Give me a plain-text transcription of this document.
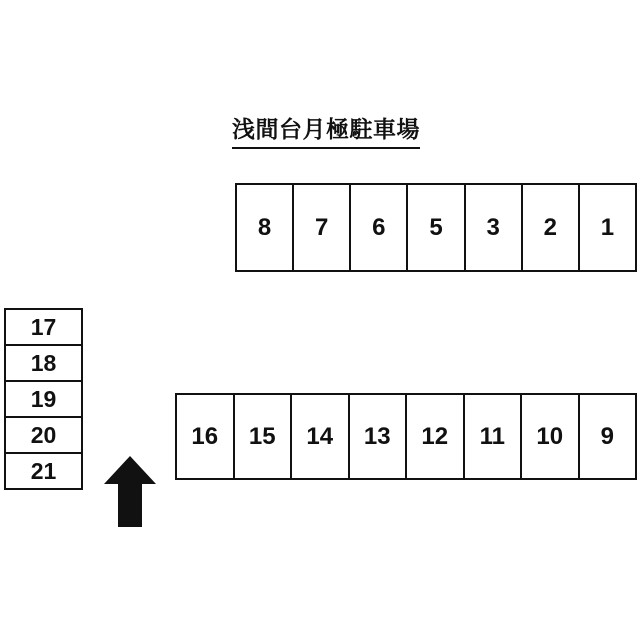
浅間台月極駐車場
8	7	6	5	3	2	1
17
18
19
20
21
16	15	14	13	12	11	10	9
